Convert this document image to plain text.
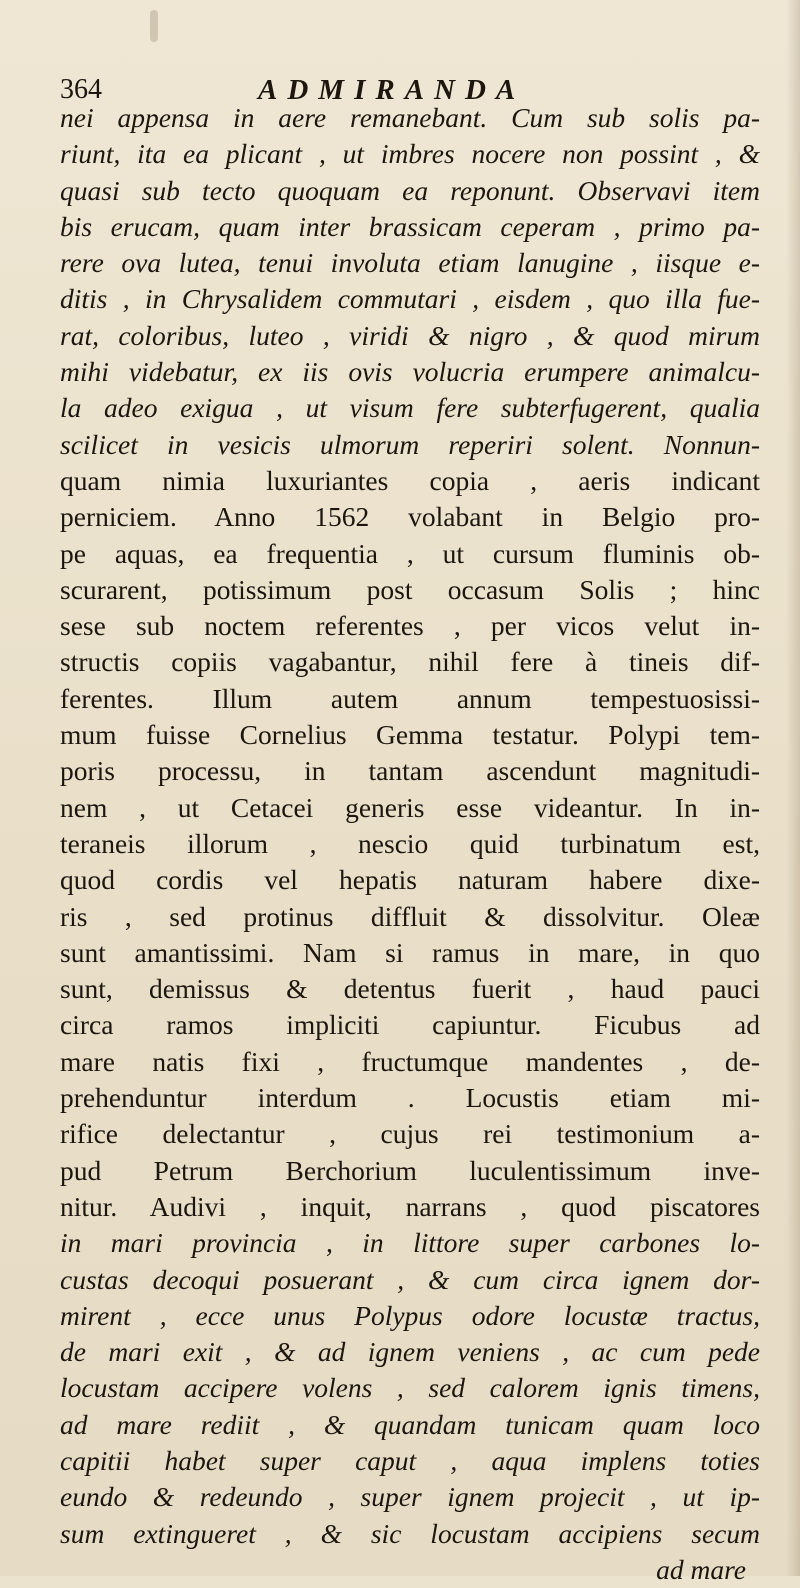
364	ADMIRANDA
nei appensa in aere remanebant. Cum sub solis pa-
riunt, ita ea plicant , ut imbres nocere non possint , &
quasi sub tecto quoquam ea reponunt. Observavi item
bis erucam, quam inter brassicam ceperam , primo pa-
rere ova lutea, tenui involuta etiam lanugine , iisque e-
ditis , in Chrysalidem commutari , eisdem , quo illa fue-
rat, coloribus, luteo , viridi & nigro , & quod mirum
mihi videbatur, ex iis ovis volucria erumpere animalcu-
la adeo exigua , ut visum fere subterfugerent, qualia
scilicet in vesicis ulmorum reperiri solent. Nonnun-
quam nimia luxuriantes copia , aeris indicant
perniciem. Anno 1562 volabant in Belgio pro-
pe aquas, ea frequentia , ut cursum fluminis ob-
scurarent, potissimum post occasum Solis ; hinc
sese sub noctem referentes , per vicos velut in-
structis copiis vagabantur, nihil fere à tineis dif-
ferentes. Illum autem annum tempestuosissi-
mum fuisse Cornelius Gemma testatur. Polypi tem-
poris processu, in tantam ascendunt magnitudi-
nem , ut Cetacei generis esse videantur. In in-
teraneis illorum , nescio quid turbinatum est,
quod cordis vel hepatis naturam habere dixe-
ris , sed protinus diffluit & dissolvitur. Oleæ
sunt amantissimi. Nam si ramus in mare, in quo
sunt, demissus & detentus fuerit , haud pauci
circa ramos impliciti capiuntur. Ficubus ad
mare natis fixi , fructumque mandentes , de-
prehenduntur interdum . Locustis etiam mi-
rifice delectantur , cujus rei testimonium a-
pud Petrum Berchorium luculentissimum inve-
nitur. Audivi , inquit, narrans , quod piscatores
in mari provincia , in littore super carbones lo-
custas decoqui posuerant , & cum circa ignem dor-
mirent , ecce unus Polypus odore locustæ tractus,
de mari exit , & ad ignem veniens , ac cum pede
locustam accipere volens , sed calorem ignis timens,
ad mare rediit , & quandam tunicam quam loco
capitii habet super caput , aqua implens toties
eundo & redeundo , super ignem projecit , ut ip-
sum extingueret , & sic locustam accipiens secum
ad mare
